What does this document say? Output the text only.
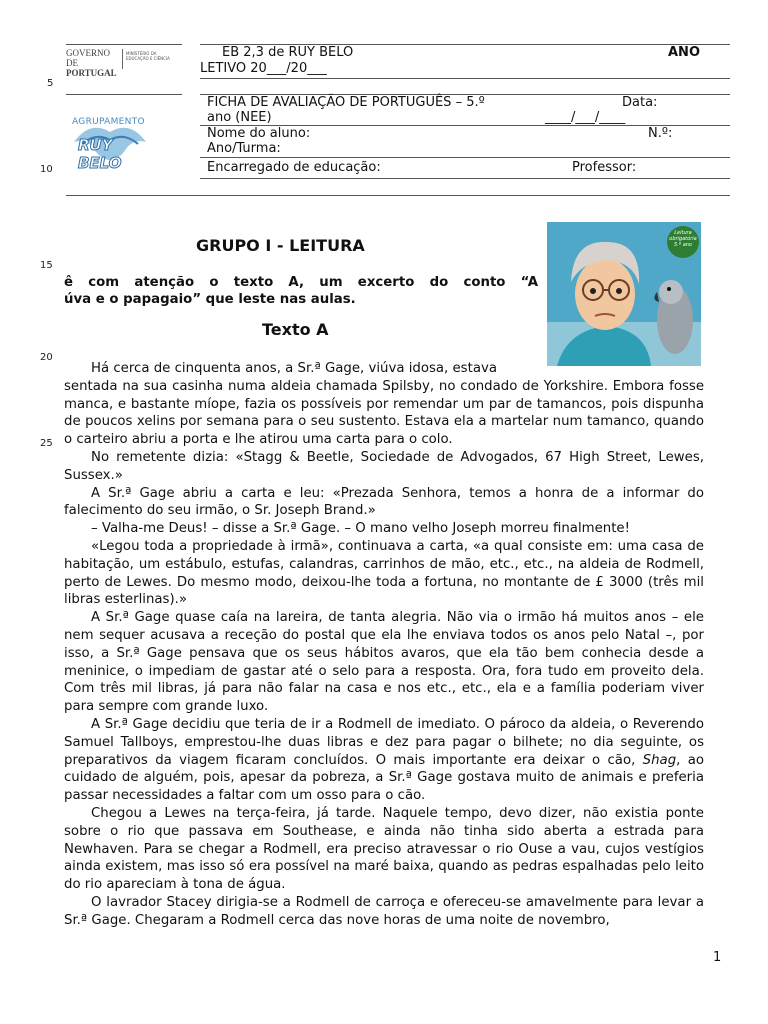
5
10
15
20
25
GOVERNO DE
PORTUGAL
MINISTÉRIO DA EDUCAÇÃO E CIÊNCIA
AGRUPAMENTO
RUY BELO
EB 2,3 de RUY BELO	ANO
LETIVO 20___/20___
FICHA DE AVALIAÇÃO DE PORTUGUÊS – 5.º
ano (NEE)
Data:
____/___/____
Nome do aluno:	N.º:
Ano/Turma:
Encarregado de educação:	Professor:
GRUPO I - LEITURA
ê com atenção o texto A, um excerto do conto “A
úva e o papagaio” que leste nas aulas.
Texto A
Leitura
obrigatória
5.º ano

Há cerca de cinquenta anos, a Sr.ª Gage, viúva idosa, estava

sentada na sua casinha numa aldeia chamada Spilsby, no condado de Yorkshire. Embora fosse manca, e bastante míope, fazia os possíveis por remendar um par de tamancos, pois dispunha de poucos xelins por semana para o seu sustento. Estava ela a martelar num tamanco, quando o carteiro abriu a porta e lhe atirou uma carta para o colo.

No remetente dizia: «Stagg & Beetle, Sociedade de Advogados, 67 High Street, Lewes, Sussex.»

A Sr.ª Gage abriu a carta e leu: «Prezada Senhora, temos a honra de a informar do falecimento do seu irmão, o Sr. Joseph Brand.»

– Valha-me Deus! – disse a Sr.ª Gage. – O mano velho Joseph morreu finalmente!

«Legou toda a propriedade à irmã», continuava a carta, «a qual consiste em: uma casa de habitação, um estábulo, estufas, calandras, carrinhos de mão, etc., etc., na aldeia de Rodmell, perto de Lewes. Do mesmo modo, deixou-lhe toda a fortuna, no montante de £ 3000 (três mil libras esterlinas).»

A Sr.ª Gage quase caía na lareira, de tanta alegria. Não via o irmão há muitos anos – ele nem sequer acusava a receção do postal que ela lhe enviava todos os anos pelo Natal –, por isso, a Sr.ª Gage pensava que os seus hábitos avaros, que ela tão bem conhecia desde a meninice, o impediam de gastar até o selo para a resposta. Ora, fora tudo em proveito dela. Com três mil libras, já para não falar na casa e nos etc., etc., ela e a família poderiam viver para sempre com grande luxo.

A Sr.ª Gage decidiu que teria de ir a Rodmell de imediato. O pároco da aldeia, o Reverendo Samuel Tallboys, emprestou-lhe duas libras e dez para pagar o bilhete; no dia seguinte, os preparativos da viagem ficaram concluídos. O mais importante era deixar o cão, Shag, ao cuidado de alguém, pois, apesar da pobreza, a Sr.ª Gage gostava muito de animais e preferia passar necessidades a faltar com um osso para o cão.

Chegou a Lewes na terça-feira, já tarde. Naquele tempo, devo dizer, não existia ponte sobre o rio que passava em Southease, e ainda não tinha sido aberta a estrada para Newhaven. Para se chegar a Rodmell, era preciso atravessar o rio Ouse a vau, cujos vestígios ainda existem, mas isso só era possível na maré baixa, quando as pedras espalhadas pelo leito do rio apareciam à tona de água.

O lavrador Stacey dirigia-se a Rodmell de carroça e ofereceu-se amavelmente para levar a Sr.ª Gage. Chegaram a Rodmell cerca das nove horas de uma noite de novembro,

1
